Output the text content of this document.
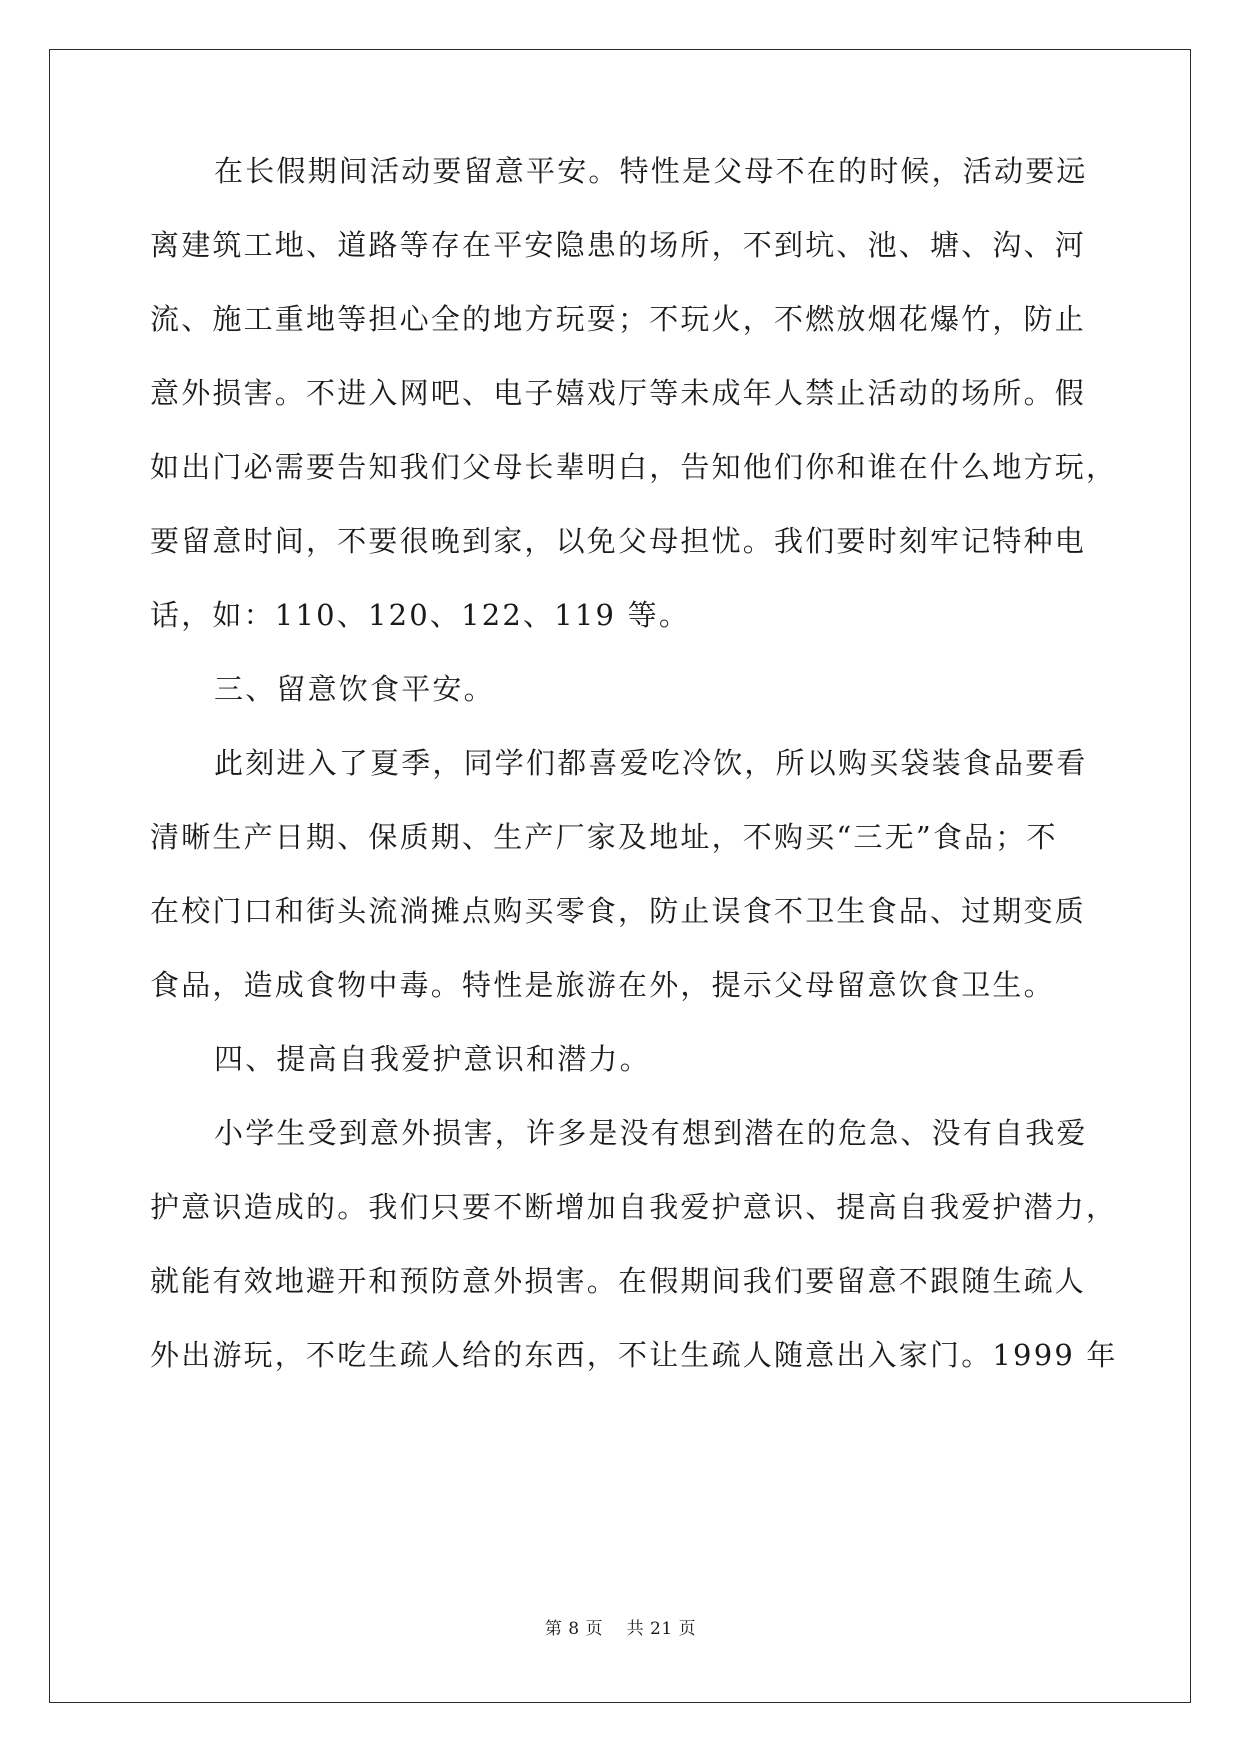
在长假期间活动要留意平安。特性是父母不在的时候，活动要远
离建筑工地、道路等存在平安隐患的场所，不到坑、池、塘、沟、河
流、施工重地等担心全的地方玩耍；不玩火，不燃放烟花爆竹，防止
意外损害。不进入网吧、电子嬉戏厅等未成年人禁止活动的场所。假
如出门必需要告知我们父母长辈明白，告知他们你和谁在什么地方玩，
要留意时间，不要很晚到家，以免父母担忧。我们要时刻牢记特种电
话，如：110、120、122、119 等。
三、留意饮食平安。
此刻进入了夏季，同学们都喜爱吃冷饮，所以购买袋装食品要看
清晰生产日期、保质期、生产厂家及地址，不购买“三无”食品；不
在校门口和街头流淌摊点购买零食，防止误食不卫生食品、过期变质
食品，造成食物中毒。特性是旅游在外，提示父母留意饮食卫生。
四、提高自我爱护意识和潜力。
小学生受到意外损害，许多是没有想到潜在的危急、没有自我爱
护意识造成的。我们只要不断增加自我爱护意识、提高自我爱护潜力，
就能有效地避开和预防意外损害。在假期间我们要留意不跟随生疏人
外出游玩，不吃生疏人给的东西，不让生疏人随意出入家门。1999 年
第 8 页    共 21 页
